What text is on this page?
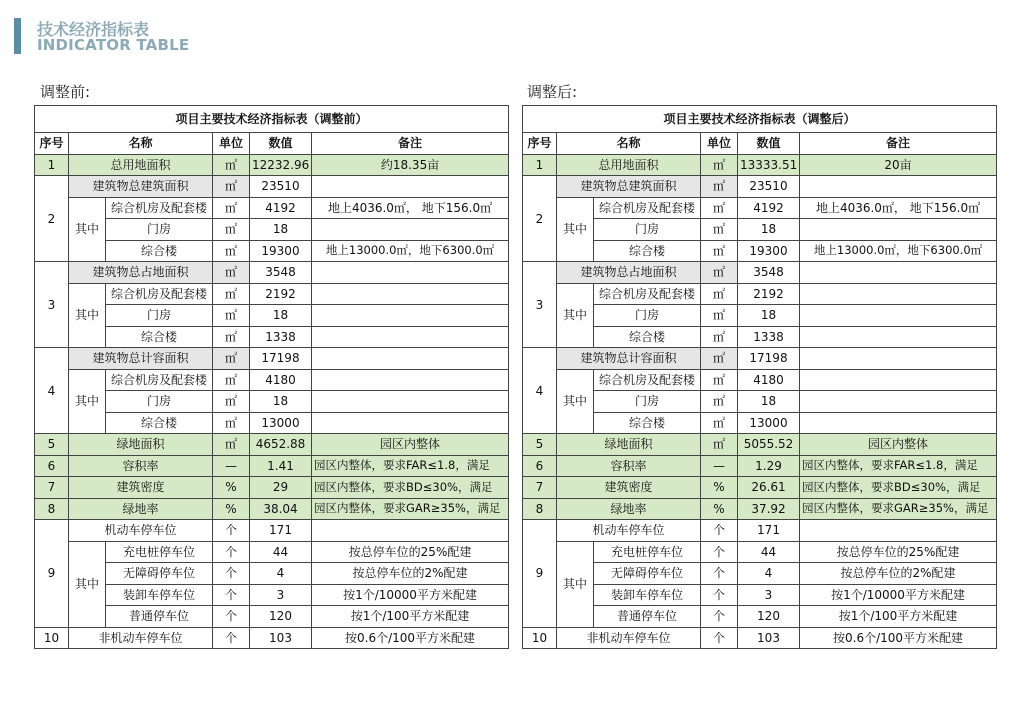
技术经济指标表
INDICATOR TABLE
调整前:	调整后:
项目主要技术经济指标表（调整前）					
序号	名称		单位	数值	备注
1	总用地面积		㎡	12232.96	约18.35亩
2	建筑物总建筑面积		㎡	23510	
	其中	综合机房及配套楼	㎡	4192	地上4036.0㎡， 地下156.0㎡
		门房	㎡	18	
		综合楼	㎡	19300	地上13000.0㎡，地下6300.0㎡
3	建筑物总占地面积		㎡	3548	
	其中	综合机房及配套楼	㎡	2192	
		门房	㎡	18	
		综合楼	㎡	1338	
4	建筑物总计容面积		㎡	17198	
	其中	综合机房及配套楼	㎡	4180	
		门房	㎡	18	
		综合楼	㎡	13000	
5	绿地面积		㎡	4652.88	园区内整体
6	容积率		—	1.41	园区内整体，要求FAR≤1.8，满足
7	建筑密度		%	29	园区内整体，要求BD≤30%，满足
8	绿地率		%	38.04	园区内整体，要求GAR≥35%，满足
9	机动车停车位		个	171	
	其中	充电桩停车位	个	44	按总停车位的25%配建
		无障碍停车位	个	4	按总停车位的2%配建
		装卸车停车位	个	3	按1个/10000平方米配建
		普通停车位	个	120	按1个/100平方米配建
10	非机动车停车位		个	103	按0.6个/100平方米配建
项目主要技术经济指标表（调整后）					
序号	名称		单位	数值	备注
1	总用地面积		㎡	13333.51	20亩
2	建筑物总建筑面积		㎡	23510	
	其中	综合机房及配套楼	㎡	4192	地上4036.0㎡， 地下156.0㎡
		门房	㎡	18	
		综合楼	㎡	19300	地上13000.0㎡，地下6300.0㎡
3	建筑物总占地面积		㎡	3548	
	其中	综合机房及配套楼	㎡	2192	
		门房	㎡	18	
		综合楼	㎡	1338	
4	建筑物总计容面积		㎡	17198	
	其中	综合机房及配套楼	㎡	4180	
		门房	㎡	18	
		综合楼	㎡	13000	
5	绿地面积		㎡	5055.52	园区内整体
6	容积率		—	1.29	园区内整体，要求FAR≤1.8，满足
7	建筑密度		%	26.61	园区内整体，要求BD≤30%，满足
8	绿地率		%	37.92	园区内整体，要求GAR≥35%，满足
9	机动车停车位		个	171	
	其中	充电桩停车位	个	44	按总停车位的25%配建
		无障碍停车位	个	4	按总停车位的2%配建
		装卸车停车位	个	3	按1个/10000平方米配建
		普通停车位	个	120	按1个/100平方米配建
10	非机动车停车位		个	103	按0.6个/100平方米配建
